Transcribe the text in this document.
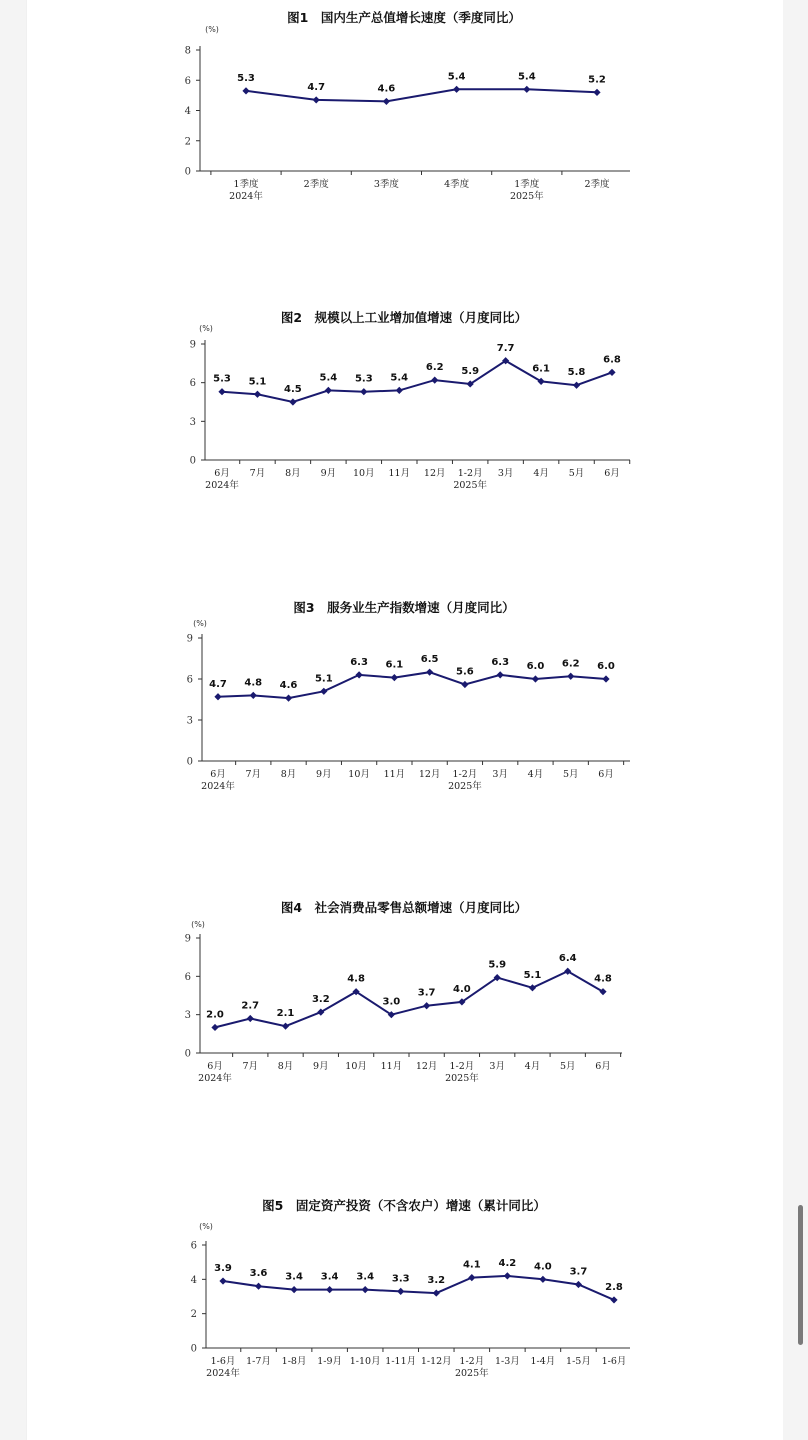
图1　国内生产总值增长速度（季度同比）
(%)
0
2
4
6
8
1季度	2季度	3季度	4季度	1季度	2季度
2024年	2025年
5.3
4.7	4.6
5.4	5.4	5.2
图2　规模以上工业增加值增速（月度同比）
(%)
0
3
6
9
6月 7月 8月 9月 10月 11月 12月 1-2月 3月 4月 5月 6月
2024年	2025年
5.3 5.1
4.5
5.4 5.3 5.4
6.2 5.9
7.7
6.1 5.8
6.8
图3　服务业生产指数增速（月度同比）
(%)
0
3
6
9
6月 7月 8月 9月 10月 11月 12月 1-2月 3月 4月 5月 6月
2024年	2025年
4.7 4.8 4.6
5.1
6.3 6.1 6.5
5.6
6.3 6.0 6.2 6.0
图4　社会消费品零售总额增速（月度同比）
(%)
0
3
6
9
6月 7月 8月 9月 10月 11月 12月 1-2月 3月 4月 5月 6月
2024年	2025年
2.0
2.7
2.1
3.2
4.8
3.0
3.7 4.0
5.9
5.1
6.4
4.8
图5　固定资产投资（不含农户）增速（累计同比）
(%)
0
2
4
6
1-6月 1-7月 1-8月 1-9月 1-10月 1-11月 1-12月 1-2月 1-3月 1-4月 1-5月 1-6月
2024年	2025年
3.9 3.6 3.4 3.4 3.4 3.3 3.2
4.1 4.2 4.0 3.7
2.8
